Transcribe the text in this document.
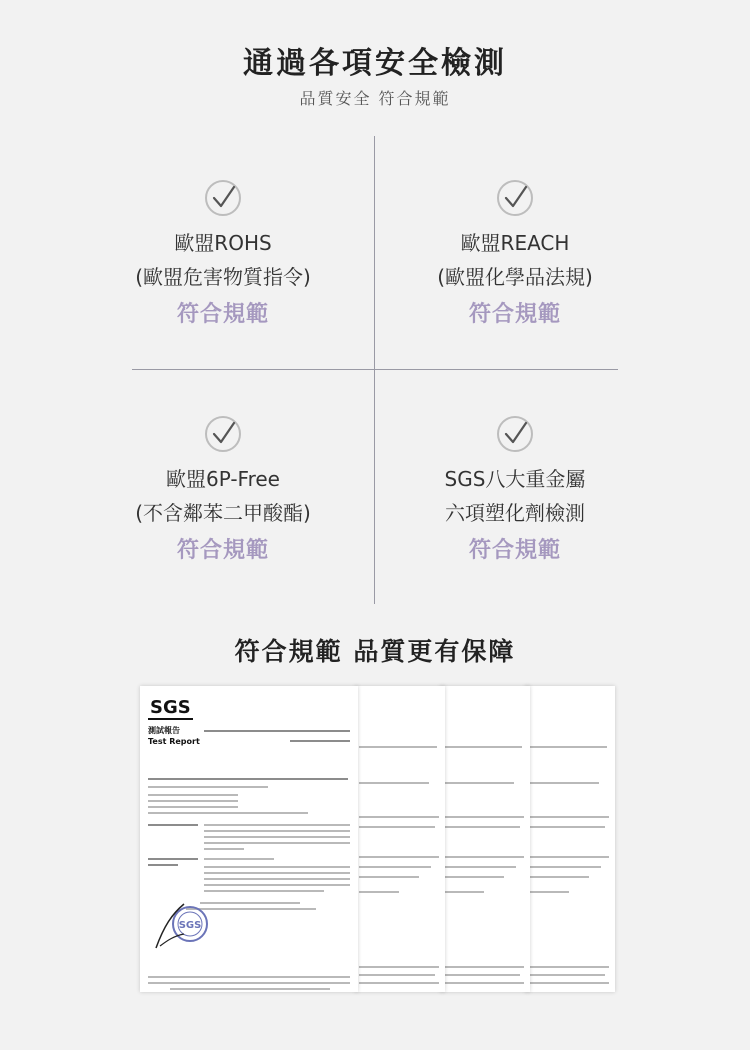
通過各項安全檢測
品質安全 符合規範
歐盟ROHS
(歐盟危害物質指令)
符合規範
歐盟REACH
(歐盟化學品法規)
符合規範
歐盟6P-Free
(不含鄰苯二甲酸酯)
符合規範
SGS八大重金屬
六項塑化劑檢測
符合規範
符合規範 品質更有保障
SGS
測試報告
Test Report
SGS
